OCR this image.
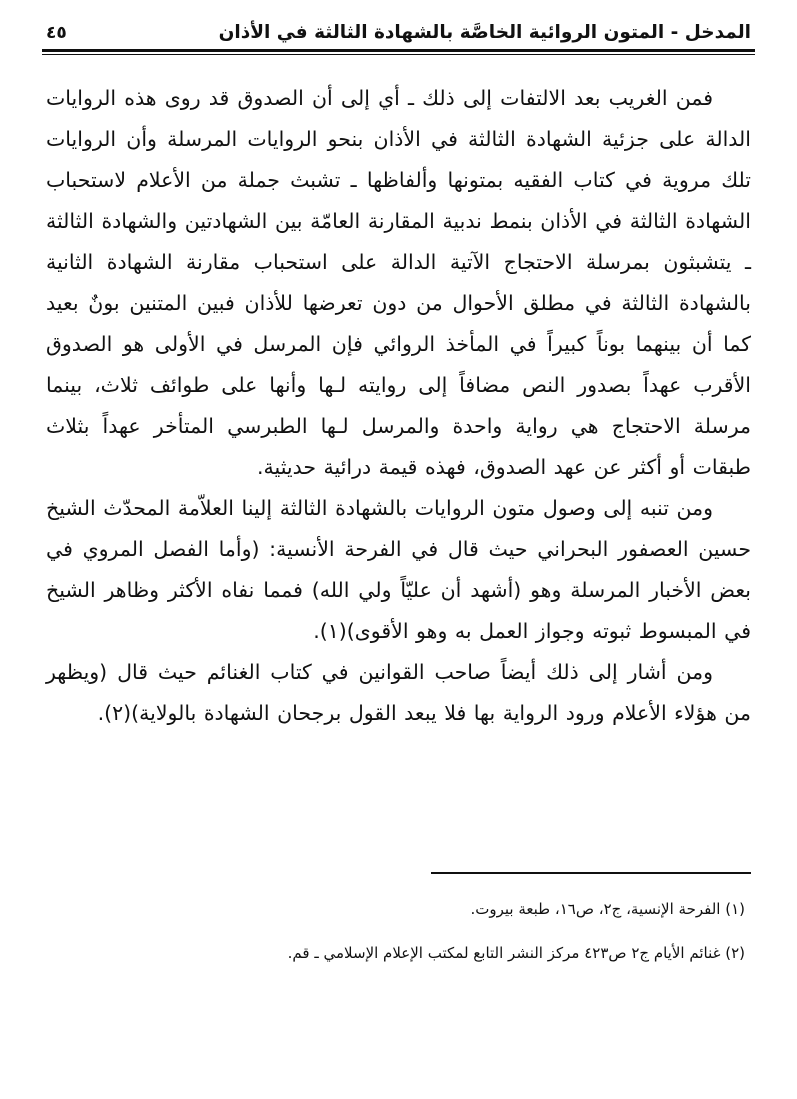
المدخل - المتون الروائية الخاصَّة بالشهادة الثالثة في الأذان
٤٥

فمن الغريب بعد الالتفات إلى ذلك ـ أي إلى أن الصدوق قد روى هذه الروايات الدالة على جزئية الشهادة الثالثة في الأذان بنحو الروايات المرسلة وأن الروايات تلك مروية في كتاب الفقيه بمتونها وألفاظها ـ تشبث جملة من الأعلام لاستحباب الشهادة الثالثة في الأذان بنمط ندبية المقارنة العامّة بين الشهادتين والشهادة الثالثة ـ يتشبثون بمرسلة الاحتجاج الآتية الدالة على استحباب مقارنة الشهادة الثانية بالشهادة الثالثة في مطلق الأحوال من دون تعرضها للأذان فبين المتنين بونٌ بعيد كما أن بينهما بوناً كبيراً في المأخذ الروائي فإن المرسل في الأولى هو الصدوق الأقرب عهداً بصدور النص مضافاً إلى روايته لـها وأنها على طوائف ثلاث، بينما مرسلة الاحتجاج هي رواية واحدة والمرسل لـها الطبرسي المتأخر عهداً بثلاث طبقات أو أكثر عن عهد الصدوق، فهذه قيمة درائية حديثية.

ومن تنبه إلى وصول متون الروايات بالشهادة الثالثة إلينا العلاّمة المحدّث الشيخ حسين العصفور البحراني حيث قال في الفرحة الأنسية: (وأما الفصل المروي في بعض الأخبار المرسلة وهو (أشهد أن عليّاً ولي الله) فمما نفاه الأكثر وظاهر الشيخ في المبسوط ثبوته وجواز العمل به وهو الأقوى)(١).

ومن أشار إلى ذلك أيضاً صاحب القوانين في كتاب الغنائم حيث قال (ويظهر من هؤلاء الأعلام ورود الرواية بها فلا يبعد القول برجحان الشهادة بالولاية)(٢).

(١) الفرحة الإنسية، ج٢، ص١٦، طبعة بيروت.

(٢) غنائم الأيام ج٢ ص٤٢٣ مركز النشر التابع لمكتب الإعلام الإسلامي ـ قم.
